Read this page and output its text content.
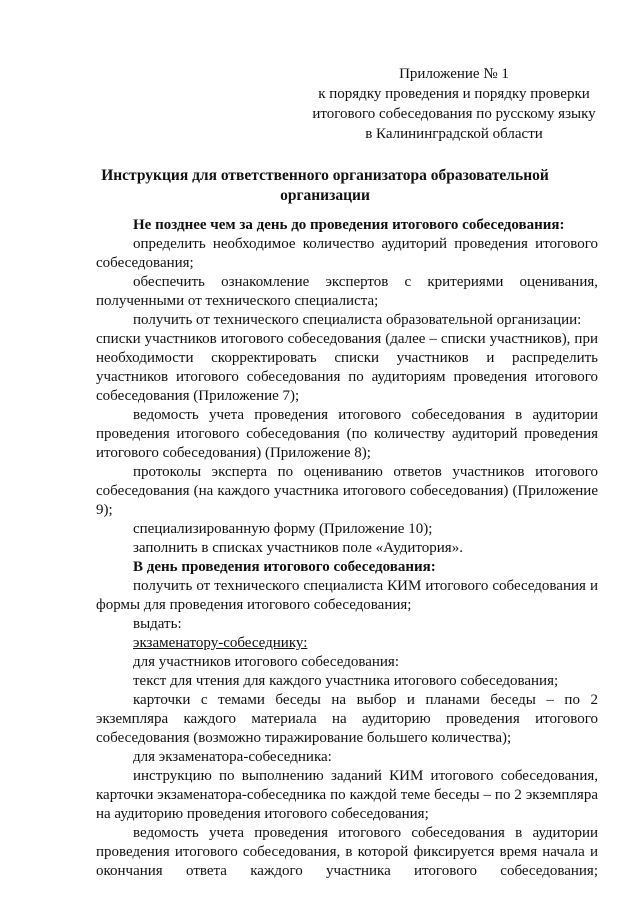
Приложение № 1
к порядку проведения и порядку проверки
итогового собеседования по русскому языку
в Калининградской области
Инструкция для ответственного организатора образовательной
организации

Не позднее чем за день до проведения итогового собеседования:

определить необходимое количество аудиторий проведения итогового собеседования;

обеспечить ознакомление экспертов с критериями оценивания, полученными от технического специалиста;

получить от технического специалиста образовательной организации:

списки участников итогового собеседования (далее – списки участников), при необходимости скорректировать списки участников и распределить участников итогового собеседования по аудиториям проведения итогового собеседования (Приложение 7);

ведомость учета проведения итогового собеседования в аудитории проведения итогового собеседования (по количеству аудиторий проведения итогового собеседования) (Приложение 8);

протоколы эксперта по оцениванию ответов участников итогового собеседования (на каждого участника итогового собеседования) (Приложение 9);

специализированную форму (Приложение 10);

заполнить в списках участников поле «Аудитория».

В день проведения итогового собеседования:

получить от технического специалиста КИМ итогового собеседования и формы для проведения итогового собеседования;

выдать:

экзаменатору-собеседнику:

для участников итогового собеседования:

текст для чтения для каждого участника итогового собеседования;

карточки с темами беседы на выбор и планами беседы – по 2 экземпляра каждого материала на аудиторию проведения итогового собеседования (возможно тиражирование большего количества);

для экзаменатора-собеседника:

инструкцию по выполнению заданий КИМ итогового собеседования, карточки экзаменатора-собеседника по каждой теме беседы – по 2 экземпляра на аудиторию проведения итогового собеседования;

ведомость учета проведения итогового собеседования в аудитории проведения итогового собеседования, в которой фиксируется время начала и окончания ответа каждого участника итогового собеседования;
